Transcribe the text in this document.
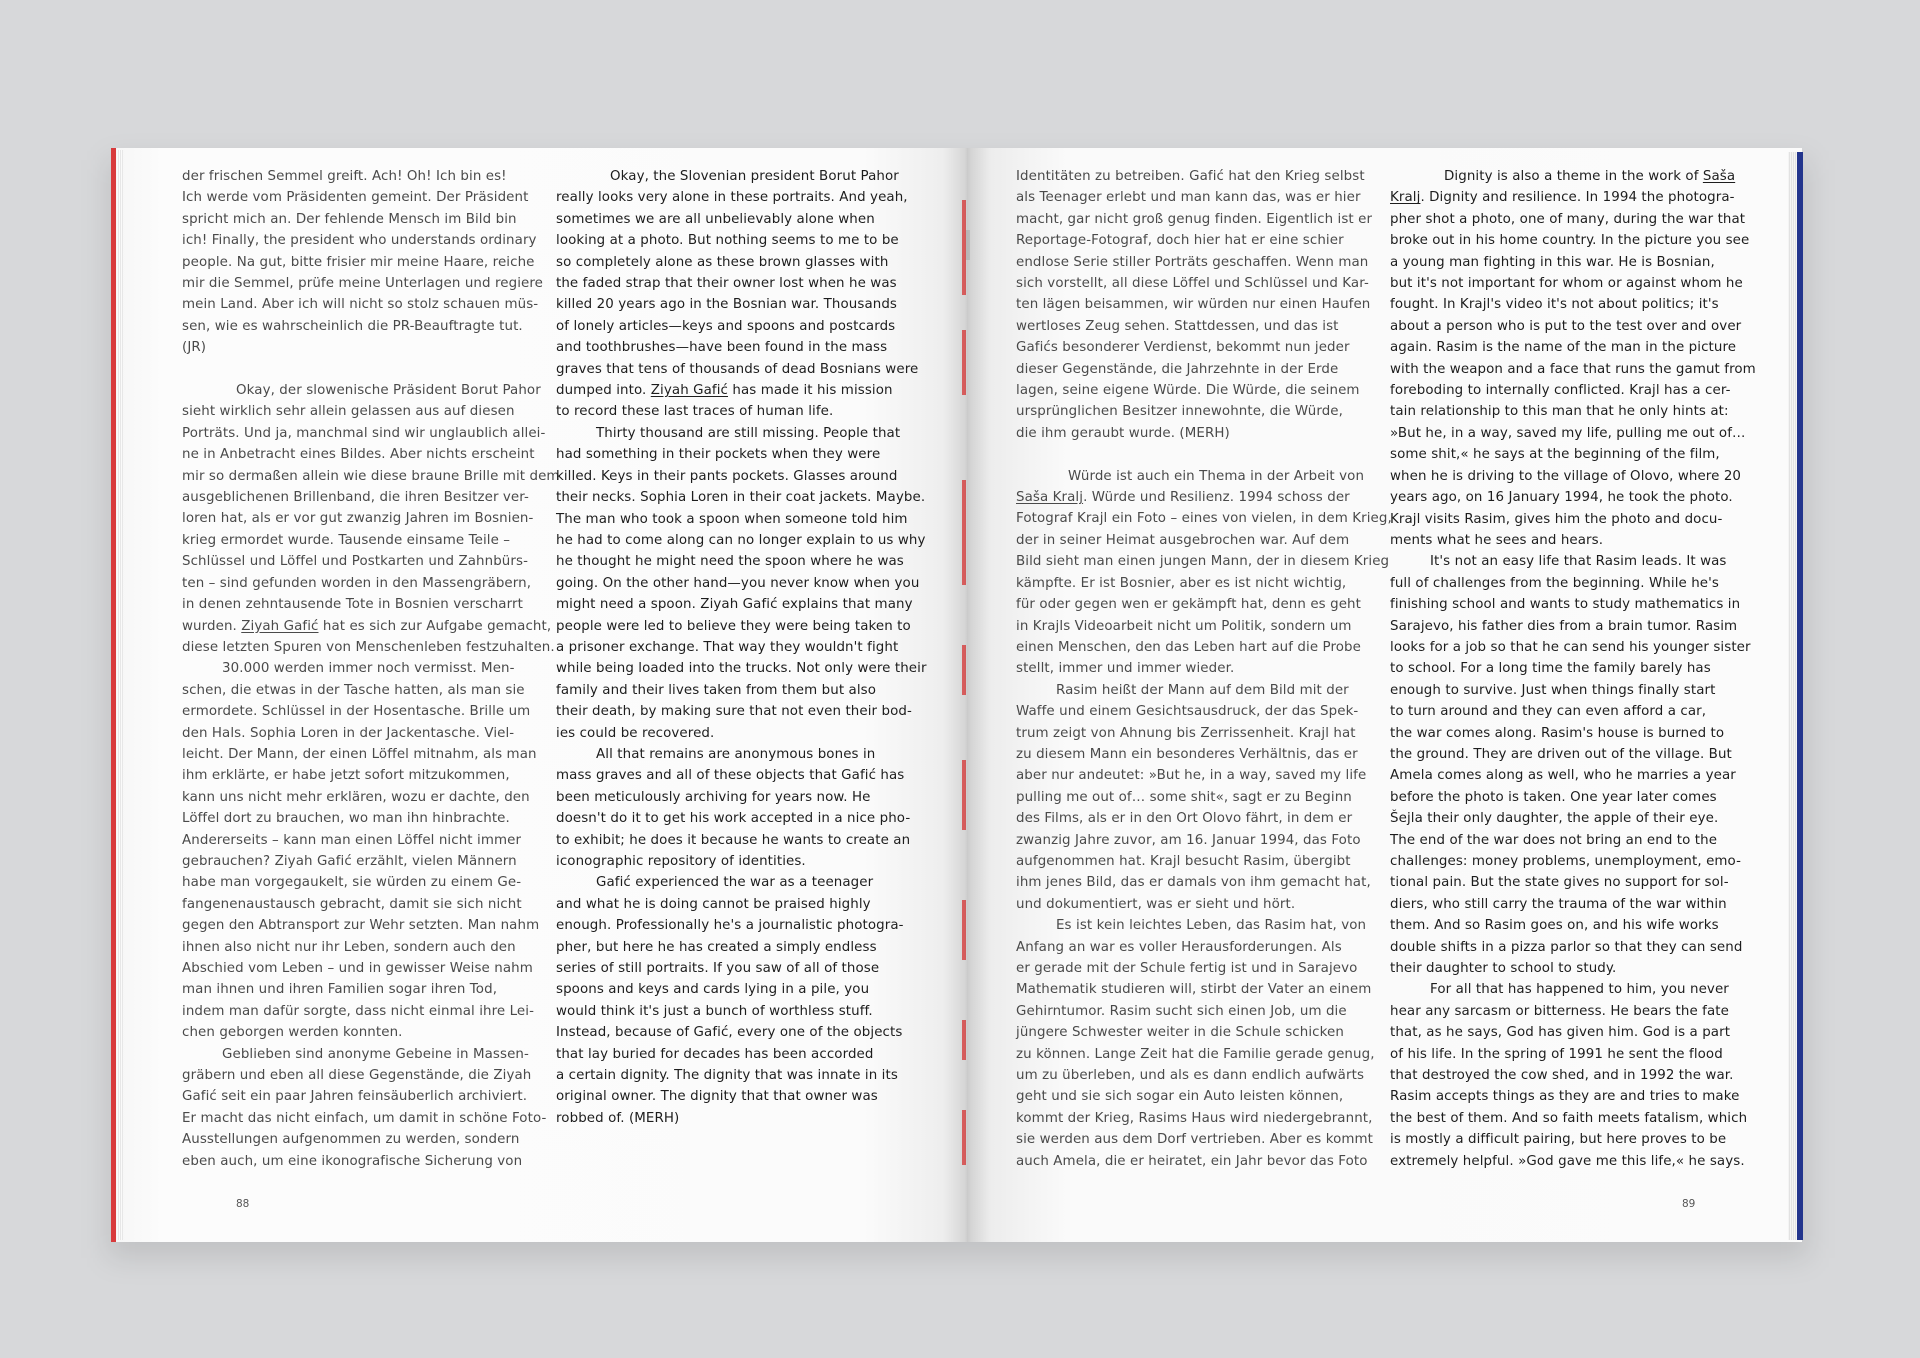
der frischen Semmel greift. Ach! Oh! Ich bin es!
Ich werde vom Präsidenten gemeint. Der Präsident
spricht mich an. Der fehlende Mensch im Bild bin
ich! Finally, the president who understands ordinary
people. Na gut, bitte frisier mir meine Haare, reiche
mir die Semmel, prüfe meine Unterlagen und regiere
mein Land. Aber ich will nicht so stolz schauen müs-
sen, wie es wahrscheinlich die PR-Beauftragte tut.
(JR)
Okay, der slowenische Präsident Borut Pahor
sieht wirklich sehr allein gelassen aus auf diesen
Porträts. Und ja, manchmal sind wir unglaublich allei-
ne in Anbetracht eines Bildes. Aber nichts erscheint
mir so dermaßen allein wie diese braune Brille mit dem
ausgeblichenen Brillenband, die ihren Besitzer ver-
loren hat, als er vor gut zwanzig Jahren im Bosnien-
krieg ermordet wurde. Tausende einsame Teile –
Schlüssel und Löffel und Postkarten und Zahnbürs-
ten – sind gefunden worden in den Massengräbern,
in denen zehntausende Tote in Bosnien verscharrt
wurden. Ziyah Gafić hat es sich zur Aufgabe gemacht,
diese letzten Spuren von Menschenleben festzuhalten.
30.000 werden immer noch vermisst. Men-
schen, die etwas in der Tasche hatten, als man sie
ermordete. Schlüssel in der Hosentasche. Brille um
den Hals. Sophia Loren in der Jackentasche. Viel-
leicht. Der Mann, der einen Löffel mitnahm, als man
ihm erklärte, er habe jetzt sofort mitzukommen,
kann uns nicht mehr erklären, wozu er dachte, den
Löffel dort zu brauchen, wo man ihn hinbrachte.
Andererseits – kann man einen Löffel nicht immer
gebrauchen? Ziyah Gafić erzählt, vielen Männern
habe man vorgegaukelt, sie würden zu einem Ge-
fangenenaustausch gebracht, damit sie sich nicht
gegen den Abtransport zur Wehr setzten. Man nahm
ihnen also nicht nur ihr Leben, sondern auch den
Abschied vom Leben – und in gewisser Weise nahm
man ihnen und ihren Familien sogar ihren Tod,
indem man dafür sorgte, dass nicht einmal ihre Lei-
chen geborgen werden konnten.
Geblieben sind anonyme Gebeine in Massen-
gräbern und eben all diese Gegenstände, die Ziyah
Gafić seit ein paar Jahren feinsäuberlich archiviert.
Er macht das nicht einfach, um damit in schöne Foto-
Ausstellungen aufgenommen zu werden, sondern
eben auch, um eine ikonografische Sicherung von
Okay, the Slovenian president Borut Pahor
really looks very alone in these portraits. And yeah,
sometimes we are all unbelievably alone when
looking at a photo. But nothing seems to me to be
so completely alone as these brown glasses with
the faded strap that their owner lost when he was
killed 20 years ago in the Bosnian war. Thousands
of lonely articles—keys and spoons and postcards
and toothbrushes—have been found in the mass
graves that tens of thousands of dead Bosnians were
dumped into. Ziyah Gafić has made it his mission
to record these last traces of human life.
Thirty thousand are still missing. People that
had something in their pockets when they were
killed. Keys in their pants pockets. Glasses around
their necks. Sophia Loren in their coat jackets. Maybe.
The man who took a spoon when someone told him
he had to come along can no longer explain to us why
he thought he might need the spoon where he was
going. On the other hand—you never know when you
might need a spoon. Ziyah Gafić explains that many
people were led to believe they were being taken to
a prisoner exchange. That way they wouldn't fight
while being loaded into the trucks. Not only were their
family and their lives taken from them but also
their death, by making sure that not even their bod-
ies could be recovered.
All that remains are anonymous bones in
mass graves and all of these objects that Gafić has
been meticulously archiving for years now. He
doesn't do it to get his work accepted in a nice pho-
to exhibit; he does it because he wants to create an
iconographic repository of identities.
Gafić experienced the war as a teenager
and what he is doing cannot be praised highly
enough. Professionally he's a journalistic photogra-
pher, but here he has created a simply endless
series of still portraits. If you saw of all of those
spoons and keys and cards lying in a pile, you
would think it's just a bunch of worthless stuff.
Instead, because of Gafić, every one of the objects
that lay buried for decades has been accorded
a certain dignity. The dignity that was innate in its
original owner. The dignity that that owner was
robbed of. (MERH)
Identitäten zu betreiben. Gafić hat den Krieg selbst
als Teenager erlebt und man kann das, was er hier
macht, gar nicht groß genug finden. Eigentlich ist er
Reportage-Fotograf, doch hier hat er eine schier
endlose Serie stiller Porträts geschaffen. Wenn man
sich vorstellt, all diese Löffel und Schlüssel und Kar-
ten lägen beisammen, wir würden nur einen Haufen
wertloses Zeug sehen. Stattdessen, und das ist
Gafićs besonderer Verdienst, bekommt nun jeder
dieser Gegenstände, die Jahrzehnte in der Erde
lagen, seine eigene Würde. Die Würde, die seinem
ursprünglichen Besitzer innewohnte, die Würde,
die ihm geraubt wurde. (MERH)
Würde ist auch ein Thema in der Arbeit von
Saša Kralj. Würde und Resilienz. 1994 schoss der
Fotograf Krajl ein Foto – eines von vielen, in dem Krieg,
der in seiner Heimat ausgebrochen war. Auf dem
Bild sieht man einen jungen Mann, der in diesem Krieg
kämpfte. Er ist Bosnier, aber es ist nicht wichtig,
für oder gegen wen er gekämpft hat, denn es geht
in Krajls Videoarbeit nicht um Politik, sondern um
einen Menschen, den das Leben hart auf die Probe
stellt, immer und immer wieder.
Rasim heißt der Mann auf dem Bild mit der
Waffe und einem Gesichtsausdruck, der das Spek-
trum zeigt von Ahnung bis Zerrissenheit. Krajl hat
zu diesem Mann ein besonderes Verhältnis, das er
aber nur andeutet: »But he, in a way, saved my life
pulling me out of… some shit«, sagt er zu Beginn
des Films, als er in den Ort Olovo fährt, in dem er
zwanzig Jahre zuvor, am 16. Januar 1994, das Foto
aufgenommen hat. Krajl besucht Rasim, übergibt
ihm jenes Bild, das er damals von ihm gemacht hat,
und dokumentiert, was er sieht und hört.
Es ist kein leichtes Leben, das Rasim hat, von
Anfang an war es voller Herausforderungen. Als
er gerade mit der Schule fertig ist und in Sarajevo
Mathematik studieren will, stirbt der Vater an einem
Gehirntumor. Rasim sucht sich einen Job, um die
jüngere Schwester weiter in die Schule schicken
zu können. Lange Zeit hat die Familie gerade genug,
um zu überleben, und als es dann endlich aufwärts
geht und sie sich sogar ein Auto leisten können,
kommt der Krieg, Rasims Haus wird niedergebrannt,
sie werden aus dem Dorf vertrieben. Aber es kommt
auch Amela, die er heiratet, ein Jahr bevor das Foto
Dignity is also a theme in the work of Saša
Kralj. Dignity and resilience. In 1994 the photogra-
pher shot a photo, one of many, during the war that
broke out in his home country. In the picture you see
a young man fighting in this war. He is Bosnian,
but it's not important for whom or against whom he
fought. In Krajl's video it's not about politics; it's
about a person who is put to the test over and over
again. Rasim is the name of the man in the picture
with the weapon and a face that runs the gamut from
foreboding to internally conflicted. Krajl has a cer-
tain relationship to this man that he only hints at:
»But he, in a way, saved my life, pulling me out of…
some shit,« he says at the beginning of the film,
when he is driving to the village of Olovo, where 20
years ago, on 16 January 1994, he took the photo.
Krajl visits Rasim, gives him the photo and docu-
ments what he sees and hears.
It's not an easy life that Rasim leads. It was
full of challenges from the beginning. While he's
finishing school and wants to study mathematics in
Sarajevo, his father dies from a brain tumor. Rasim
looks for a job so that he can send his younger sister
to school. For a long time the family barely has
enough to survive. Just when things finally start
to turn around and they can even afford a car,
the war comes along. Rasim's house is burned to
the ground. They are driven out of the village. But
Amela comes along as well, who he marries a year
before the photo is taken. One year later comes
Šejla their only daughter, the apple of their eye.
The end of the war does not bring an end to the
challenges: money problems, unemployment, emo-
tional pain. But the state gives no support for sol-
diers, who still carry the trauma of the war within
them. And so Rasim goes on, and his wife works
double shifts in a pizza parlor so that they can send
their daughter to school to study.
For all that has happened to him, you never
hear any sarcasm or bitterness. He bears the fate
that, as he says, God has given him. God is a part
of his life. In the spring of 1991 he sent the flood
that destroyed the cow shed, and in 1992 the war.
Rasim accepts things as they are and tries to make
the best of them. And so faith meets fatalism, which
is mostly a difficult pairing, but here proves to be
extremely helpful. »God gave me this life,« he says.
88	89
